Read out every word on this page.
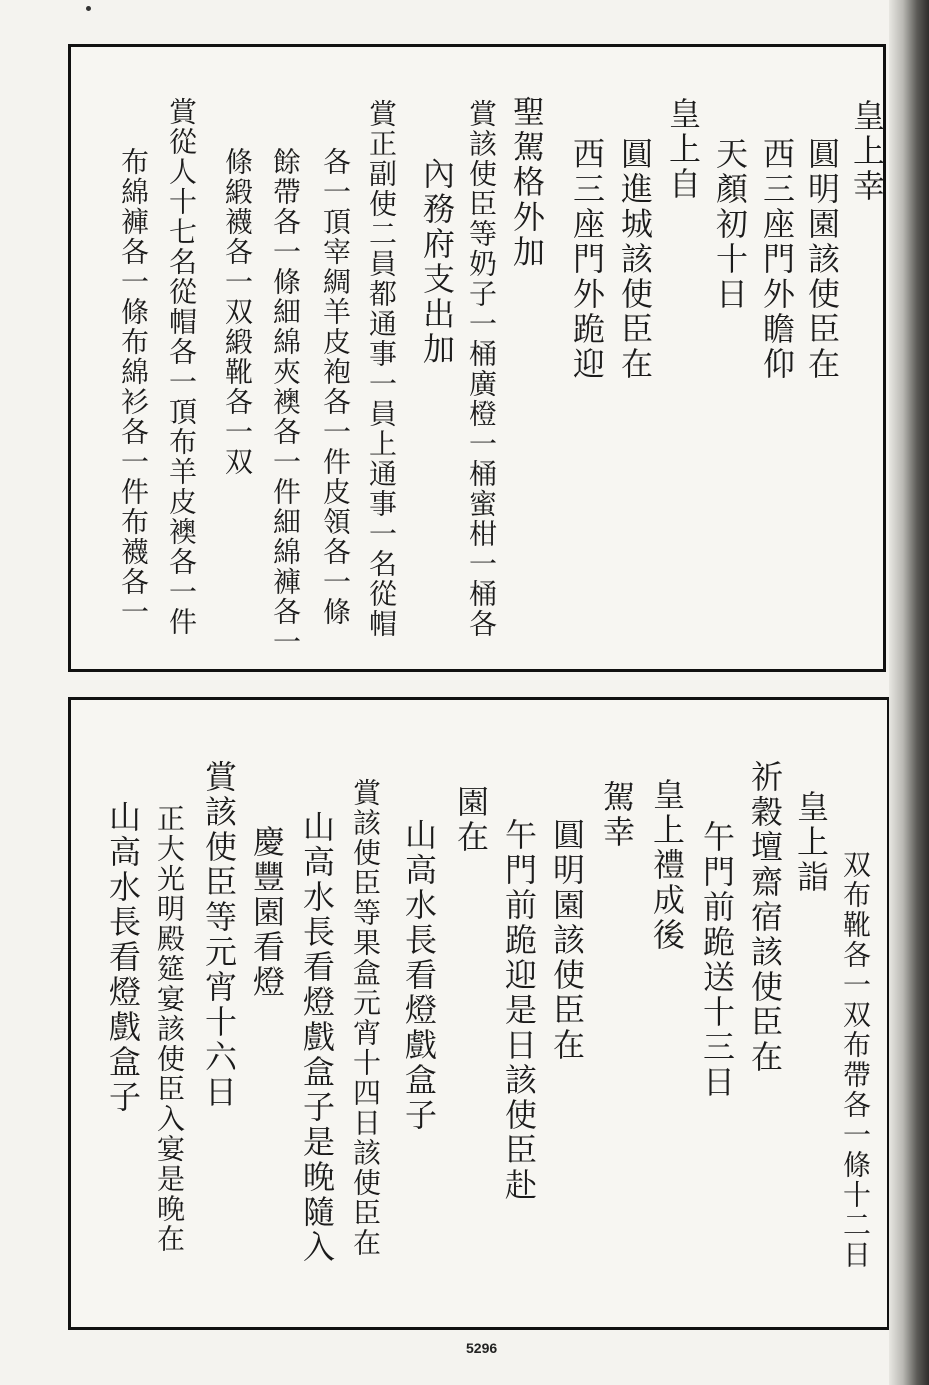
皇上幸
圓明園該使臣在
西三座門外瞻仰
天顏初十日
皇上自
圓進城該使臣在
西三座門外跪迎
聖駕格外加
賞該使臣等奶子一桶廣橙一桶蜜柑一桶各
內務府支出加
賞正副使二員都通事一員上通事一名從帽
各一頂宰綢羊皮袍各一件皮領各一條
餘帶各一條細綿夾襖各一件細綿褲各一
條緞襪各一双緞靴各一双
賞從人十七名從帽各一頂布羊皮襖各一件
布綿褲各一條布綿衫各一件布襪各一
双布靴各一双布帶各一條十二日
皇上詣
祈穀壇齋宿該使臣在
午門前跪送十三日
皇上禮成後
駕幸
圓明園該使臣在
午門前跪迎是日該使臣赴
園在
山高水長看燈戲盒子
賞該使臣等果盒元宵十四日該使臣在
山高水長看燈戲盒子是晚隨入
慶豐園看燈
賞該使臣等元宵十六日
正大光明殿筵宴該使臣入宴是晚在
山高水長看燈戲盒子
5296
